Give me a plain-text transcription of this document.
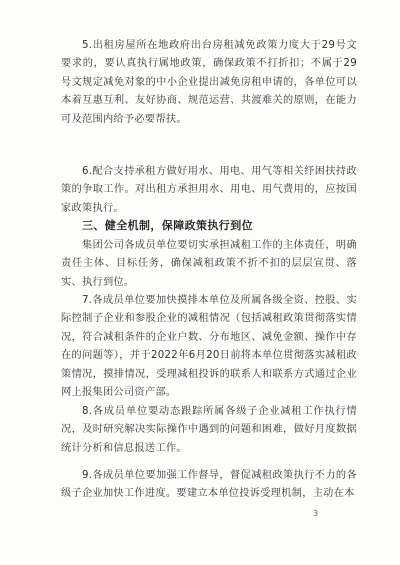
5.出租房屋所在地政府出台房租减免政策力度大于29号文要求的，要认真执行属地政策，确保政策不打折扣；不属于29号文规定减免对象的中小企业提出减免房租申请的，各单位可以本着互惠互利、友好协商、规范运营、共渡难关的原则，在能力可及范围内给予必要帮扶。

6.配合支持承租方做好用水、用电、用气等相关纾困扶持政策的争取工作。对出租方承担用水、用电、用气费用的，应按国家政策执行。

三、健全机制，保障政策执行到位

集团公司各成员单位要切实承担减租工作的主体责任，明确责任主体、目标任务，确保减租政策不折不扣的层层宣贯、落实、执行到位。

7.各成员单位要加快摸排本单位及所属各级全资、控股、实际控制子企业和参股企业的减租情况（包括减租政策贯彻落实情况，符合减租条件的企业户数、分布地区、减免金额、操作中存在的问题等），并于2022年6月20日前将本单位贯彻落实减租政策情况，摸排情况，受理减租投诉的联系人和联系方式通过企业网上报集团公司资产部。

8.各成员单位要动态跟踪所属各级子企业减租工作执行情况，及时研究解决实际操作中遇到的问题和困难，做好月度数据统计分析和信息报送工作。

9.各成员单位要加强工作督导，督促减租政策执行不力的各级子企业加快工作进度。要建立本单位投诉受理机制，主动在本

3
